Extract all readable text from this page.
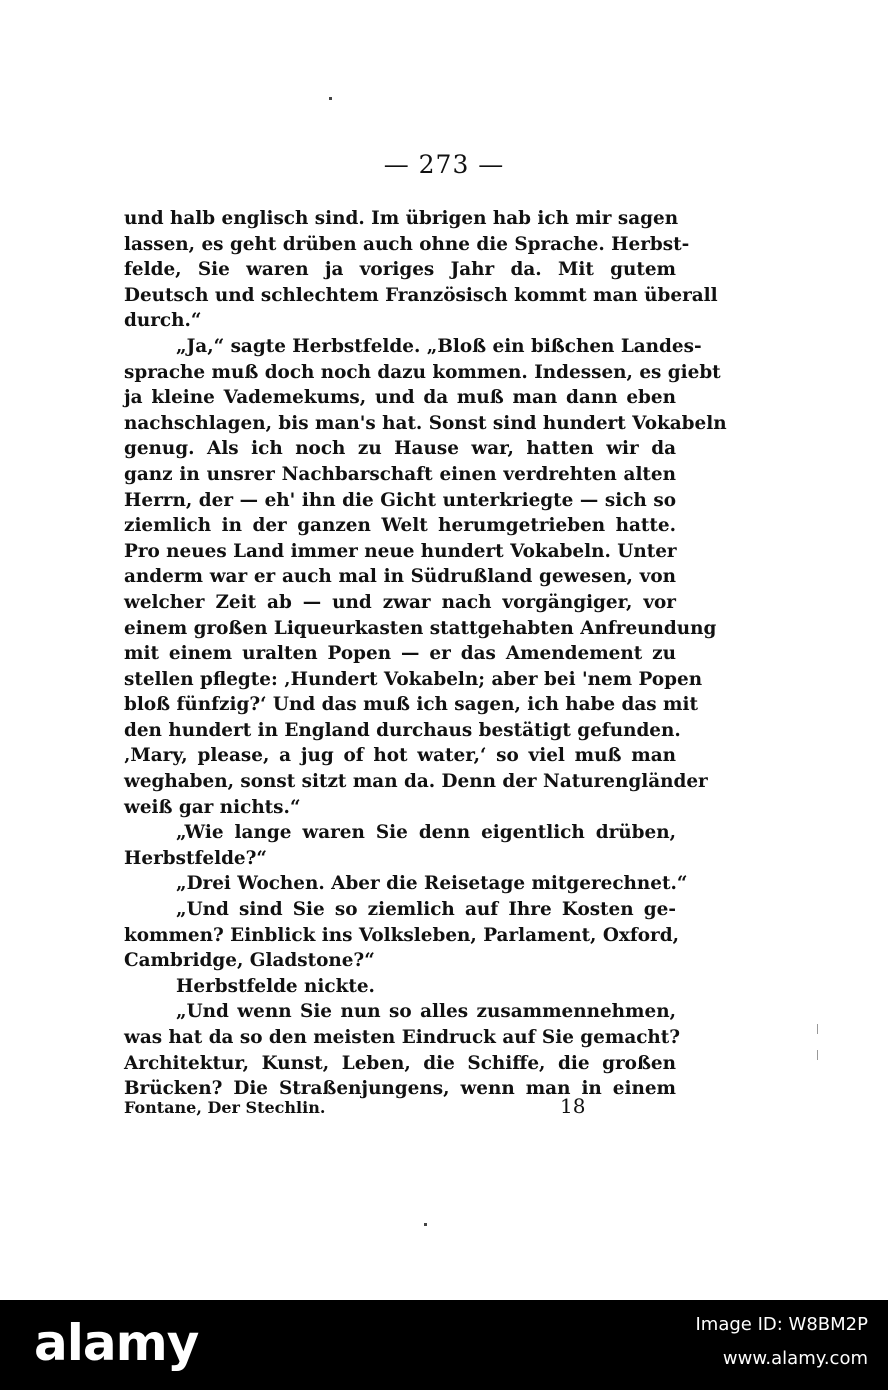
— 273 —
und halb englisch sind. Im übrigen hab ich mir sagen
lassen, es geht drüben auch ohne die Sprache. Herbst-
felde, Sie waren ja voriges Jahr da. Mit gutem
Deutsch und schlechtem Französisch kommt man überall
durch.“
„Ja,“ sagte Herbstfelde. „Bloß ein bißchen Landes-
sprache muß doch noch dazu kommen. Indessen, es giebt
ja kleine Vademekums, und da muß man dann eben
nachschlagen, bis man's hat. Sonst sind hundert Vokabeln
genug. Als ich noch zu Hause war, hatten wir da
ganz in unsrer Nachbarschaft einen verdrehten alten
Herrn, der — eh' ihn die Gicht unterkriegte — sich so
ziemlich in der ganzen Welt herumgetrieben hatte.
Pro neues Land immer neue hundert Vokabeln. Unter
anderm war er auch mal in Südrußland gewesen, von
welcher Zeit ab — und zwar nach vorgängiger, vor
einem großen Liqueurkasten stattgehabten Anfreundung
mit einem uralten Popen — er das Amendement zu
stellen pflegte: ‚Hundert Vokabeln; aber bei 'nem Popen
bloß fünfzig?‘ Und das muß ich sagen, ich habe das mit
den hundert in England durchaus bestätigt gefunden.
‚Mary, please, a jug of hot water,‘ so viel muß man
weghaben, sonst sitzt man da. Denn der Naturengländer
weiß gar nichts.“
„Wie lange waren Sie denn eigentlich drüben,
Herbstfelde?“
„Drei Wochen. Aber die Reisetage mitgerechnet.“
„Und sind Sie so ziemlich auf Ihre Kosten ge-
kommen? Einblick ins Volksleben, Parlament, Oxford,
Cambridge, Gladstone?“
Herbstfelde nickte.
„Und wenn Sie nun so alles zusammennehmen,
was hat da so den meisten Eindruck auf Sie gemacht?
Architektur, Kunst, Leben, die Schiffe, die großen
Brücken? Die Straßenjungens, wenn man in einem
Fontane, Der Stechlin.	18
alamy	Image ID: W8BM2P
www.alamy.com
